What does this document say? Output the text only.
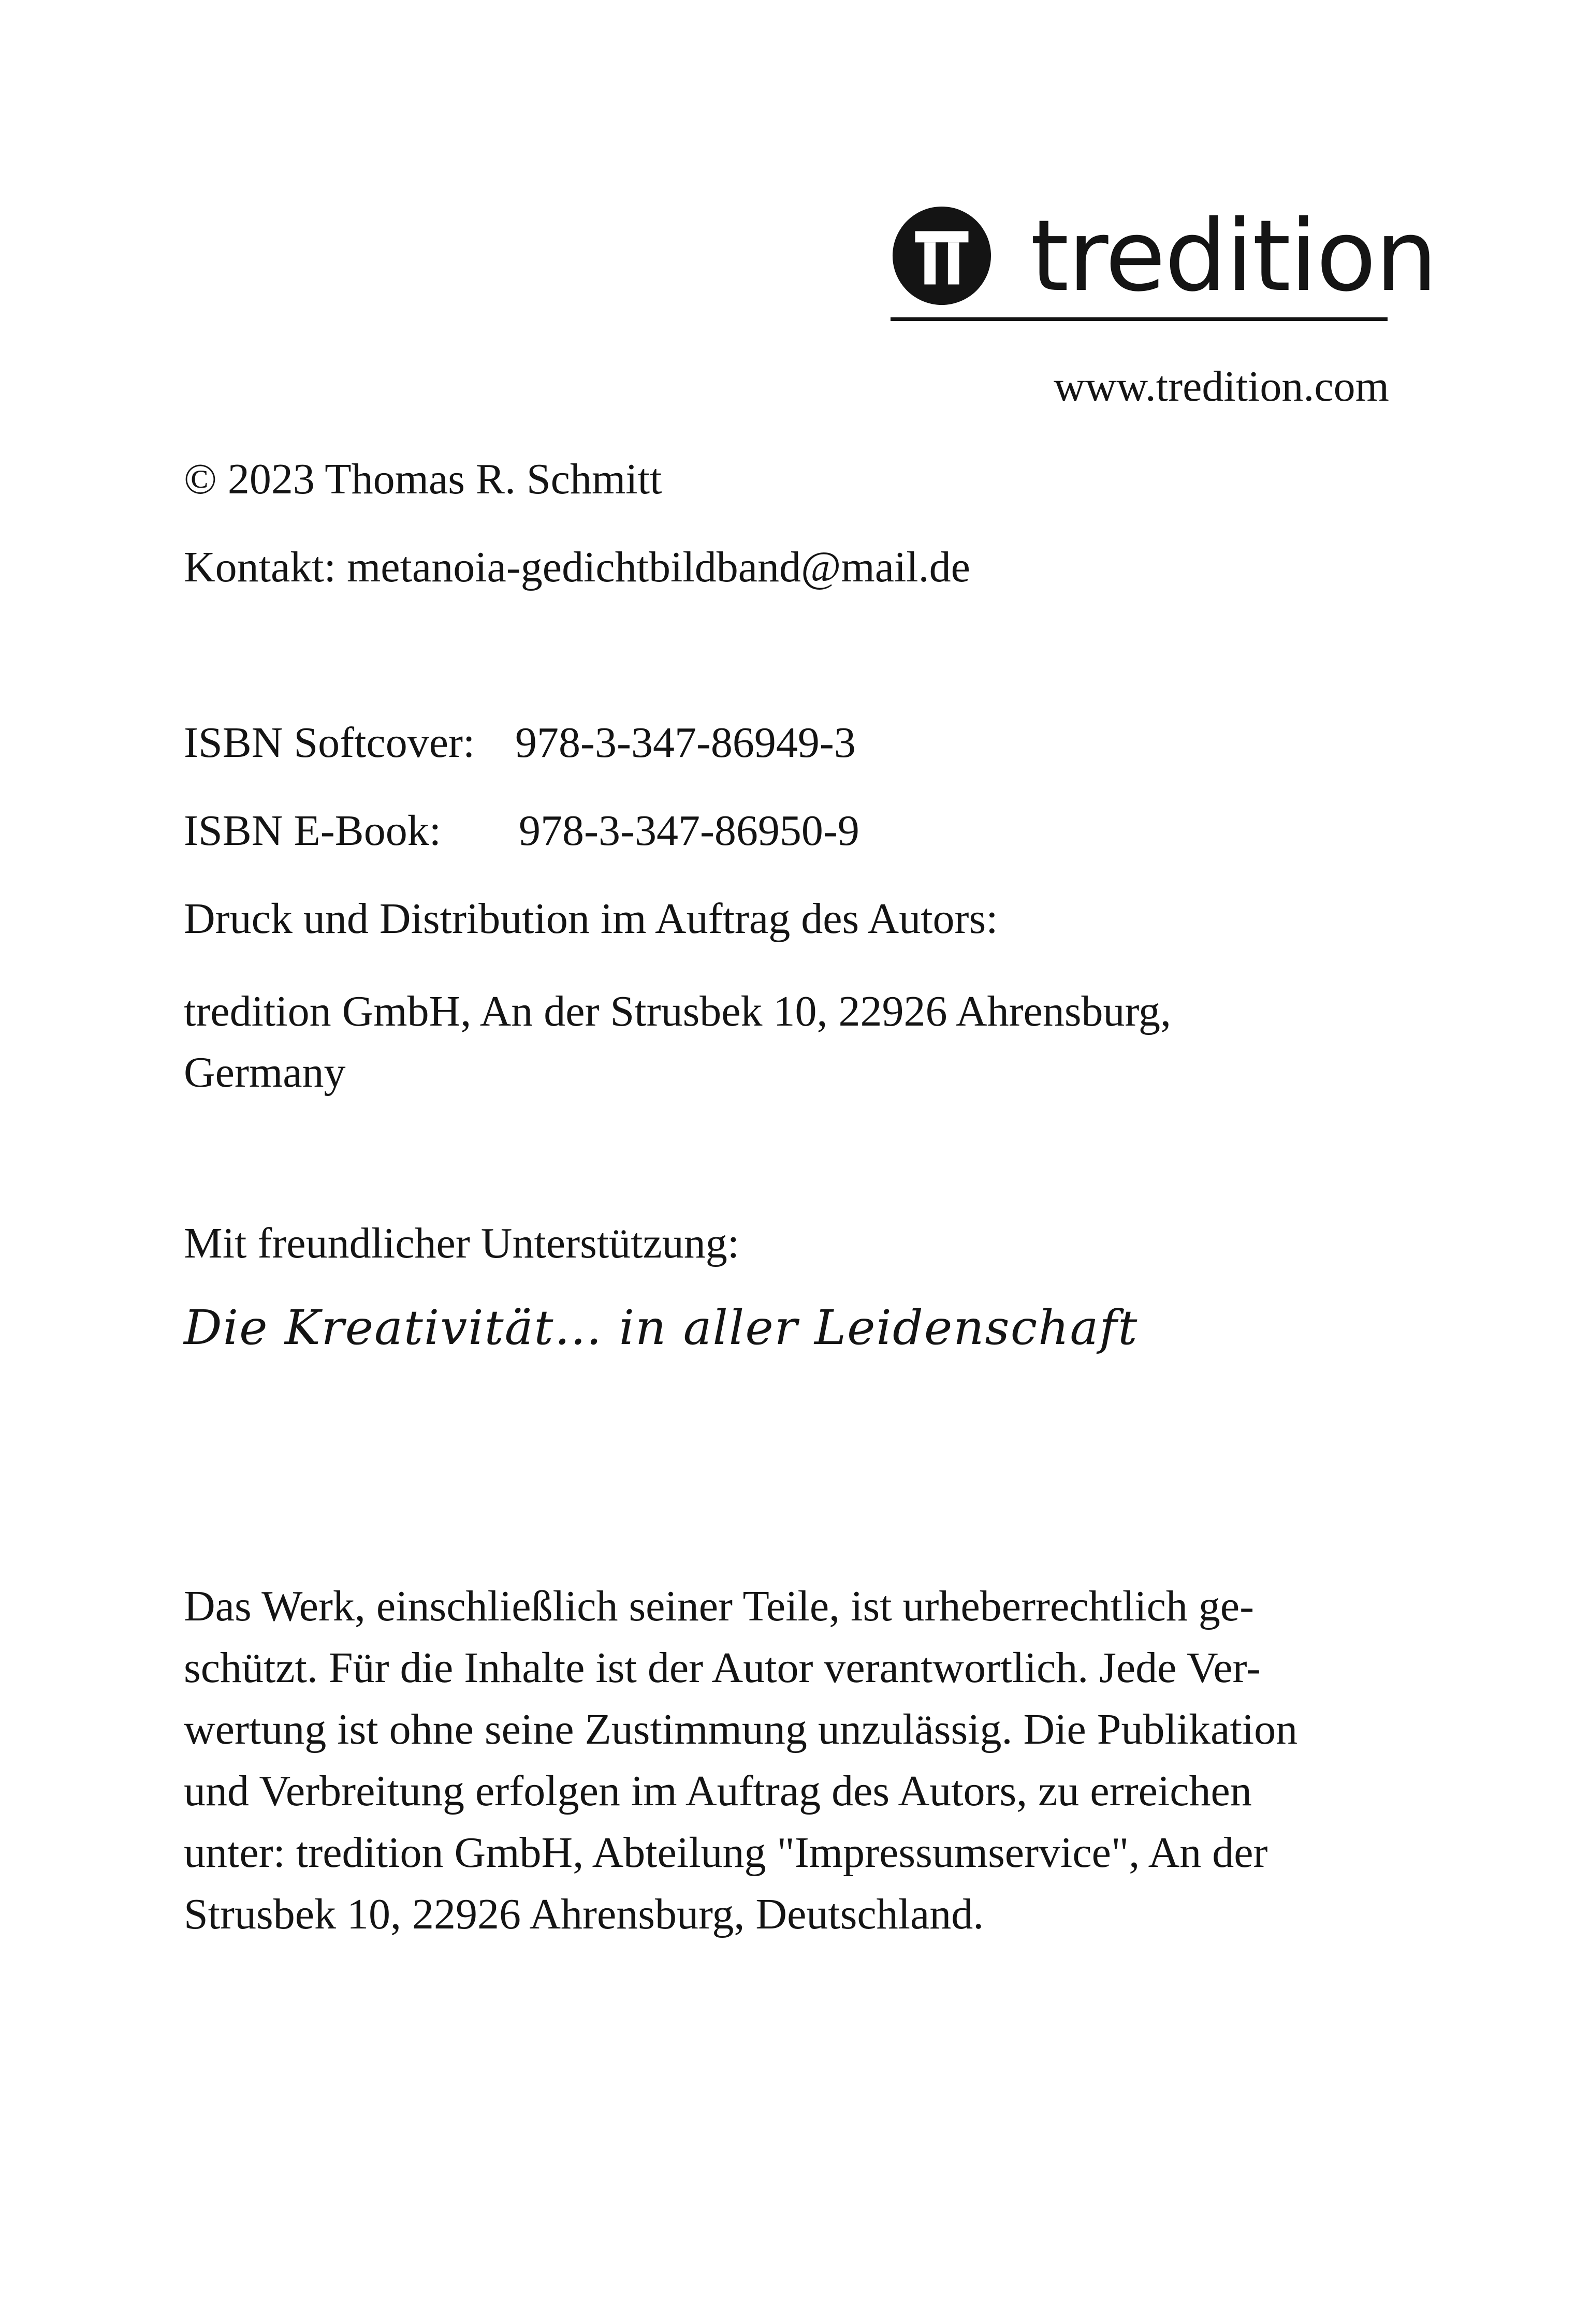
tredition
www.tredition.com
© 2023 Thomas R. Schmitt
Kontakt: metanoia-gedichtbildband@mail.de
ISBN Softcover: 978-3-347-86949-3
ISBN E-Book: 978-3-347-86950-9
Druck und Distribution im Auftrag des Autors:
tredition GmbH, An der Strusbek 10, 22926 Ahrensburg,
Germany
Mit freundlicher Unterstützung:
Die Kreativität… in aller Leidenschaft
Das Werk, einschließlich seiner Teile, ist urheberrechtlich ge-
schützt. Für die Inhalte ist der Autor verantwortlich. Jede Ver-
wertung ist ohne seine Zustimmung unzulässig. Die Publikation
und Verbreitung erfolgen im Auftrag des Autors, zu erreichen
unter: tredition GmbH, Abteilung "Impressumservice", An der
Strusbek 10, 22926 Ahrensburg, Deutschland.
